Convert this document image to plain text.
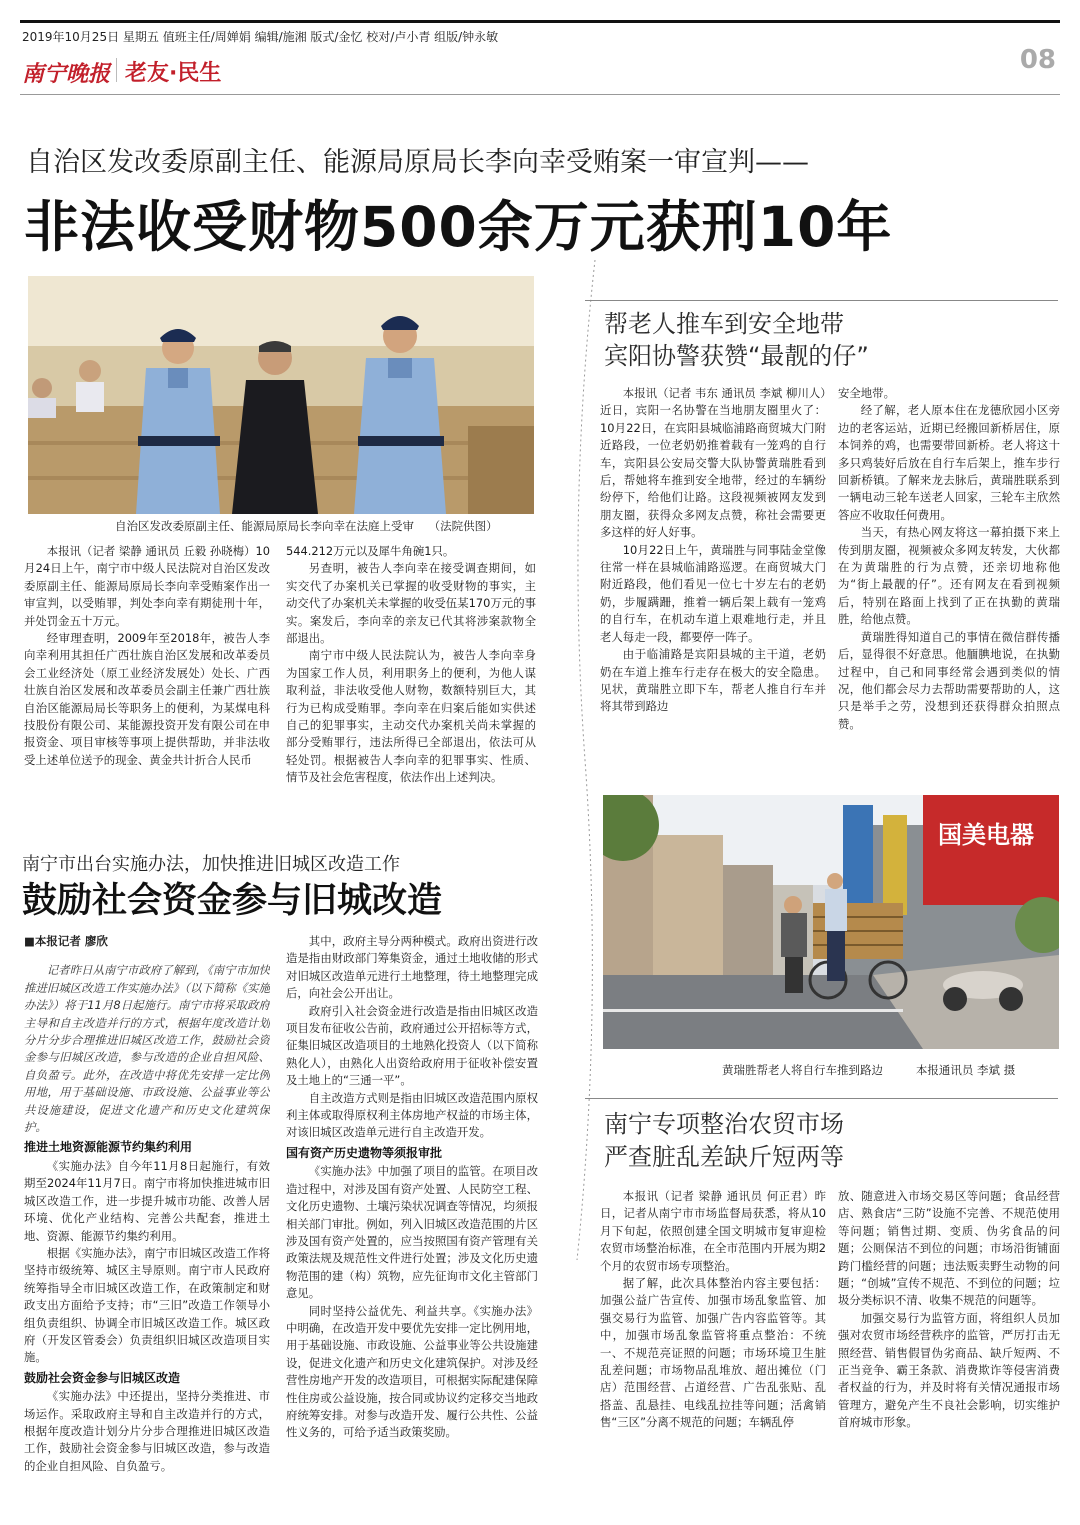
2019年10月25日 星期五 值班主任/周婵娟 编辑/施湘 版式/金忆 校对/卢小青 组版/钟永敏
南宁晚报 老友·民生	08
自治区发改委原副主任、能源局原局长李向幸受贿案一审宣判——
非法收受财物500余万元获刑10年
自治区发改委原副主任、能源局原局长李向幸在法庭上受审 （法院供图）

本报讯（记者 梁静 通讯员 丘毅 孙晓梅）10月24日上午，南宁市中级人民法院对自治区发改委原副主任、能源局原局长李向幸受贿案作出一审宣判，以受贿罪，判处李向幸有期徒刑十年，并处罚金五十万元。

经审理查明，2009年至2018年，被告人李向幸利用其担任广西壮族自治区发展和改革委员会工业经济处（原工业经济发展处）处长、广西壮族自治区发展和改革委员会副主任兼广西壮族自治区能源局局长等职务上的便利，为某煤电科技股份有限公司、某能源投资开发有限公司在申报资金、项目审核等事项上提供帮助，并非法收受上述单位送予的现金、黄金共计折合人民币

544.212万元以及犀牛角碗1只。

另查明，被告人李向幸在接受调查期间，如实交代了办案机关已掌握的收受财物的事实，主动交代了办案机关未掌握的收受伍某170万元的事实。案发后，李向幸的亲友已代其将涉案款物全部退出。

南宁市中级人民法院认为，被告人李向幸身为国家工作人员，利用职务上的便利，为他人谋取利益，非法收受他人财物，数额特别巨大，其行为已构成受贿罪。李向幸在归案后能如实供述自己的犯罪事实，主动交代办案机关尚未掌握的部分受贿罪行，违法所得已全部退出，依法可从轻处罚。根据被告人李向幸的犯罪事实、性质、情节及社会危害程度，依法作出上述判决。

南宁市出台实施办法，加快推进旧城区改造工作
鼓励社会资金参与旧城改造
■本报记者 廖欣

记者昨日从南宁市政府了解到，《南宁市加快推进旧城区改造工作实施办法》（以下简称《实施办法》）将于11月8日起施行。南宁市将采取政府主导和自主改造并行的方式，根据年度改造计划分片分步合理推进旧城区改造工作，鼓励社会资金参与旧城区改造，参与改造的企业自担风险、自负盈亏。此外，在改造中将优先安排一定比例用地，用于基础设施、市政设施、公益事业等公共设施建设，促进文化遗产和历史文化建筑保护。

推进土地资源能源节约集约利用

《实施办法》自今年11月8日起施行，有效期至2024年11月7日。南宁市将加快推进城市旧城区改造工作，进一步提升城市功能、改善人居环境、优化产业结构、完善公共配套，推进土地、资源、能源节约集约利用。

根据《实施办法》，南宁市旧城区改造工作将坚持市级统筹、城区主导原则。南宁市人民政府统筹指导全市旧城区改造工作，在政策制定和财政支出方面给予支持；市“三旧”改造工作领导小组负责组织、协调全市旧城区改造工作。城区政府（开发区管委会）负责组织旧城区改造项目实施。

鼓励社会资金参与旧城区改造

《实施办法》中还提出，坚持分类推进、市场运作。采取政府主导和自主改造并行的方式，根据年度改造计划分片分步合理推进旧城区改造工作，鼓励社会资金参与旧城区改造，参与改造的企业自担风险、自负盈亏。

其中，政府主导分两种模式。政府出资进行改造是指由财政部门筹集资金，通过土地收储的形式对旧城区改造单元进行土地整理，待土地整理完成后，向社会公开出让。

政府引入社会资金进行改造是指由旧城区改造项目发布征收公告前，政府通过公开招标等方式，征集旧城区改造项目的土地熟化投资人（以下简称熟化人），由熟化人出资给政府用于征收补偿安置及土地上的“三通一平”。

自主改造方式则是指由旧城区改造范围内原权利主体或取得原权利主体房地产权益的市场主体，对该旧城区改造单元进行自主改造开发。

国有资产历史遗物等须报审批

《实施办法》中加强了项目的监管。在项目改造过程中，对涉及国有资产处置、人民防空工程、文化历史遗物、土壤污染状况调查等情况，均须报相关部门审批。例如，列入旧城区改造范围的片区涉及国有资产处置的，应当按照国有资产管理有关政策法规及规范性文件进行处置；涉及文化历史遗物范围的建（构）筑物，应先征询市文化主管部门意见。

同时坚持公益优先、利益共享。《实施办法》中明确，在改造开发中要优先安排一定比例用地，用于基础设施、市政设施、公益事业等公共设施建设，促进文化遗产和历史文化建筑保护。对涉及经营性房地产开发的改造项目，可根据实际配建保障性住房或公益设施，按合同或协议约定移交当地政府统筹安排。对参与改造开发、履行公共性、公益性义务的，可给予适当政策奖励。

帮老人推车到安全地带
宾阳协警获赞“最靓的仔”

本报讯（记者 韦东 通讯员 李斌 柳川人）近日，宾阳一名协警在当地朋友圈里火了：10月22日，在宾阳县城临浦路商贸城大门附近路段，一位老奶奶推着载有一笼鸡的自行车，宾阳县公安局交警大队协警黄瑞胜看到后，帮她将车推到安全地带，经过的车辆纷纷停下，给他们让路。这段视频被网友发到朋友圈，获得众多网友点赞，称社会需要更多这样的好人好事。

10月22日上午，黄瑞胜与同事陆金堂像往常一样在县城临浦路巡逻。在商贸城大门附近路段，他们看见一位七十岁左右的老奶奶，步履蹒跚，推着一辆后架上载有一笼鸡的自行车，在机动车道上艰难地行走，并且老人每走一段，都要停一阵子。

由于临浦路是宾阳县城的主干道，老奶奶在车道上推车行走存在极大的安全隐患。见状，黄瑞胜立即下车，帮老人推自行车并将其带到路边

安全地带。

经了解，老人原本住在龙德欣园小区旁边的老客运站，近期已经搬回新桥居住，原本饲养的鸡，也需要带回新桥。老人将这十多只鸡装好后放在自行车后架上，推车步行回新桥镇。了解来龙去脉后，黄瑞胜联系到一辆电动三轮车送老人回家，三轮车主欣然答应不收取任何费用。

当天，有热心网友将这一幕拍摄下来上传到朋友圈，视频被众多网友转发，大伙都在为黄瑞胜的行为点赞，还亲切地称他为“街上最靓的仔”。还有网友在看到视频后，特别在路面上找到了正在执勤的黄瑞胜，给他点赞。

黄瑞胜得知道自己的事情在微信群传播后，显得很不好意思。他腼腆地说，在执勤过程中，自己和同事经常会遇到类似的情况，他们都会尽力去帮助需要帮助的人，这只是举手之劳，没想到还获得群众拍照点赞。

国美电器
黄瑞胜帮老人将自行车推到路边	本报通讯员 李斌 摄
南宁专项整治农贸市场
严查脏乱差缺斤短两等

本报讯（记者 梁静 通讯员 何正君）昨日，记者从南宁市市场监督局获悉，将从10月下旬起，依照创建全国文明城市复审迎检农贸市场整治标准，在全市范围内开展为期2个月的农贸市场专项整治。

据了解，此次具体整治内容主要包括：加强公益广告宣传、加强市场乱象监管、加强交易行为监管、加强广告内容监管等。其中，加强市场乱象监管将重点整治：不统一、不规范亮证照的问题；市场环境卫生脏乱差问题；市场物品乱堆放、超出摊位（门店）范围经营、占道经营、广告乱张贴、乱搭盖、乱悬挂、电线乱拉挂等问题；活禽销售“三区”分离不规范的问题；车辆乱停

放、随意进入市场交易区等问题；食品经营店、熟食店“三防”设施不完善、不规范使用等问题；销售过期、变质、伪劣食品的问题；公厕保洁不到位的问题；市场沿街铺面跨门槛经营的问题；违法贩卖野生动物的问题；“创城”宣传不规范、不到位的问题；垃圾分类标识不清、收集不规范的问题等。

加强交易行为监管方面，将组织人员加强对农贸市场经营秩序的监管，严厉打击无照经营、销售假冒伪劣商品、缺斤短两、不正当竞争、霸王条款、消费欺诈等侵害消费者权益的行为，并及时将有关情况通报市场管理方，避免产生不良社会影响，切实维护首府城市形象。
